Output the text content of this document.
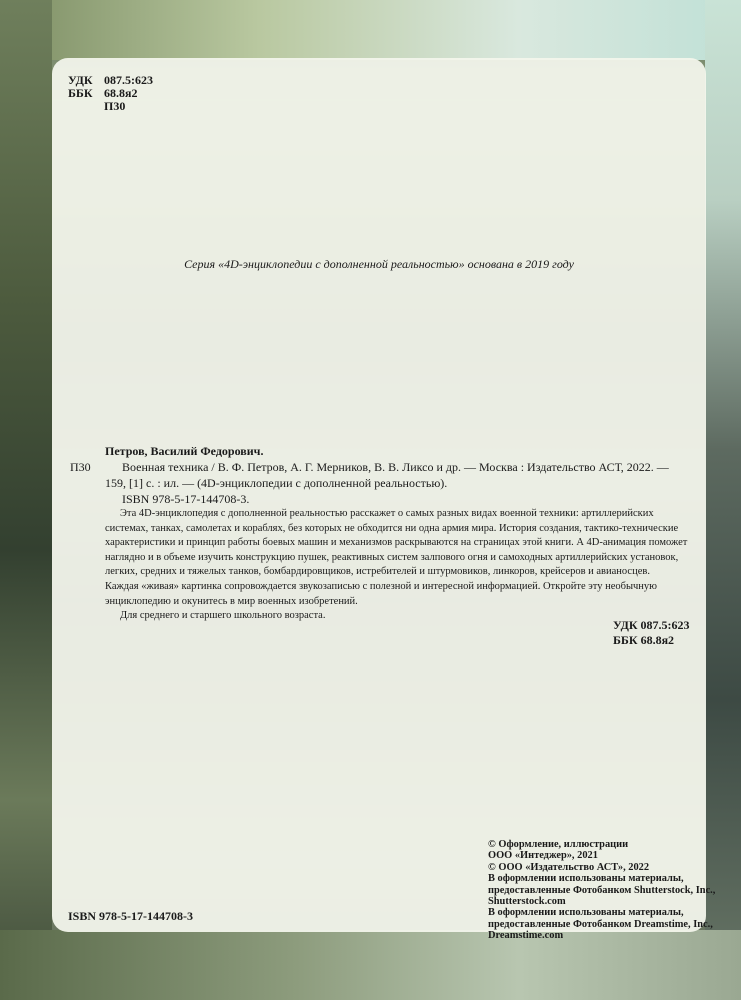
УДК 087.5:623

ББК 68.8я2

П30

Серия «4D-энциклопедии с дополненной реальностью» основана в 2019 году

Петров, Василий Федорович.

П30	Военная техника / В. Ф. Петров, А. Г. Мерников, В. В. Ликсо и др. — Москва : Издательство АСТ, 2022. —

159, [1] с. : ил. — (4D-энциклопедии с дополненной реальностью).

ISBN 978-5-17-144708-3.

Эта 4D-энциклопедия с дополненной реальностью расскажет о самых разных видах военной техники: артиллерийских

системах, танках, самолетах и кораблях, без которых не обходится ни одна армия мира. История создания, тактико-технические

характеристики и принцип работы боевых машин и механизмов раскрываются на страницах этой книги. А 4D-анимация поможет

наглядно и в объеме изучить конструкцию пушек, реактивных систем залпового огня и самоходных артиллерийских установок,

легких, средних и тяжелых танков, бомбардировщиков, истребителей и штурмовиков, линкоров, крейсеров и авианосцев.

Каждая «живая» картинка сопровождается звукозаписью с полезной и интересной информацией. Откройте эту необычную

энциклопедию и окунитесь в мир военных изобретений.

Для среднего и старшего школьного возраста.

УДК 087.5:623

ББК 68.8я2

© Оформление, иллюстрации

ООО «Интеджер», 2021

© ООО «Издательство АСТ», 2022

В оформлении использованы материалы,

предоставленные Фотобанком Shutterstock, Inc.,

Shutterstock.com

В оформлении использованы материалы,

предоставленные Фотобанком Dreamstime, Inc.,

Dreamstime.com

ISBN 978-5-17-144708-3
